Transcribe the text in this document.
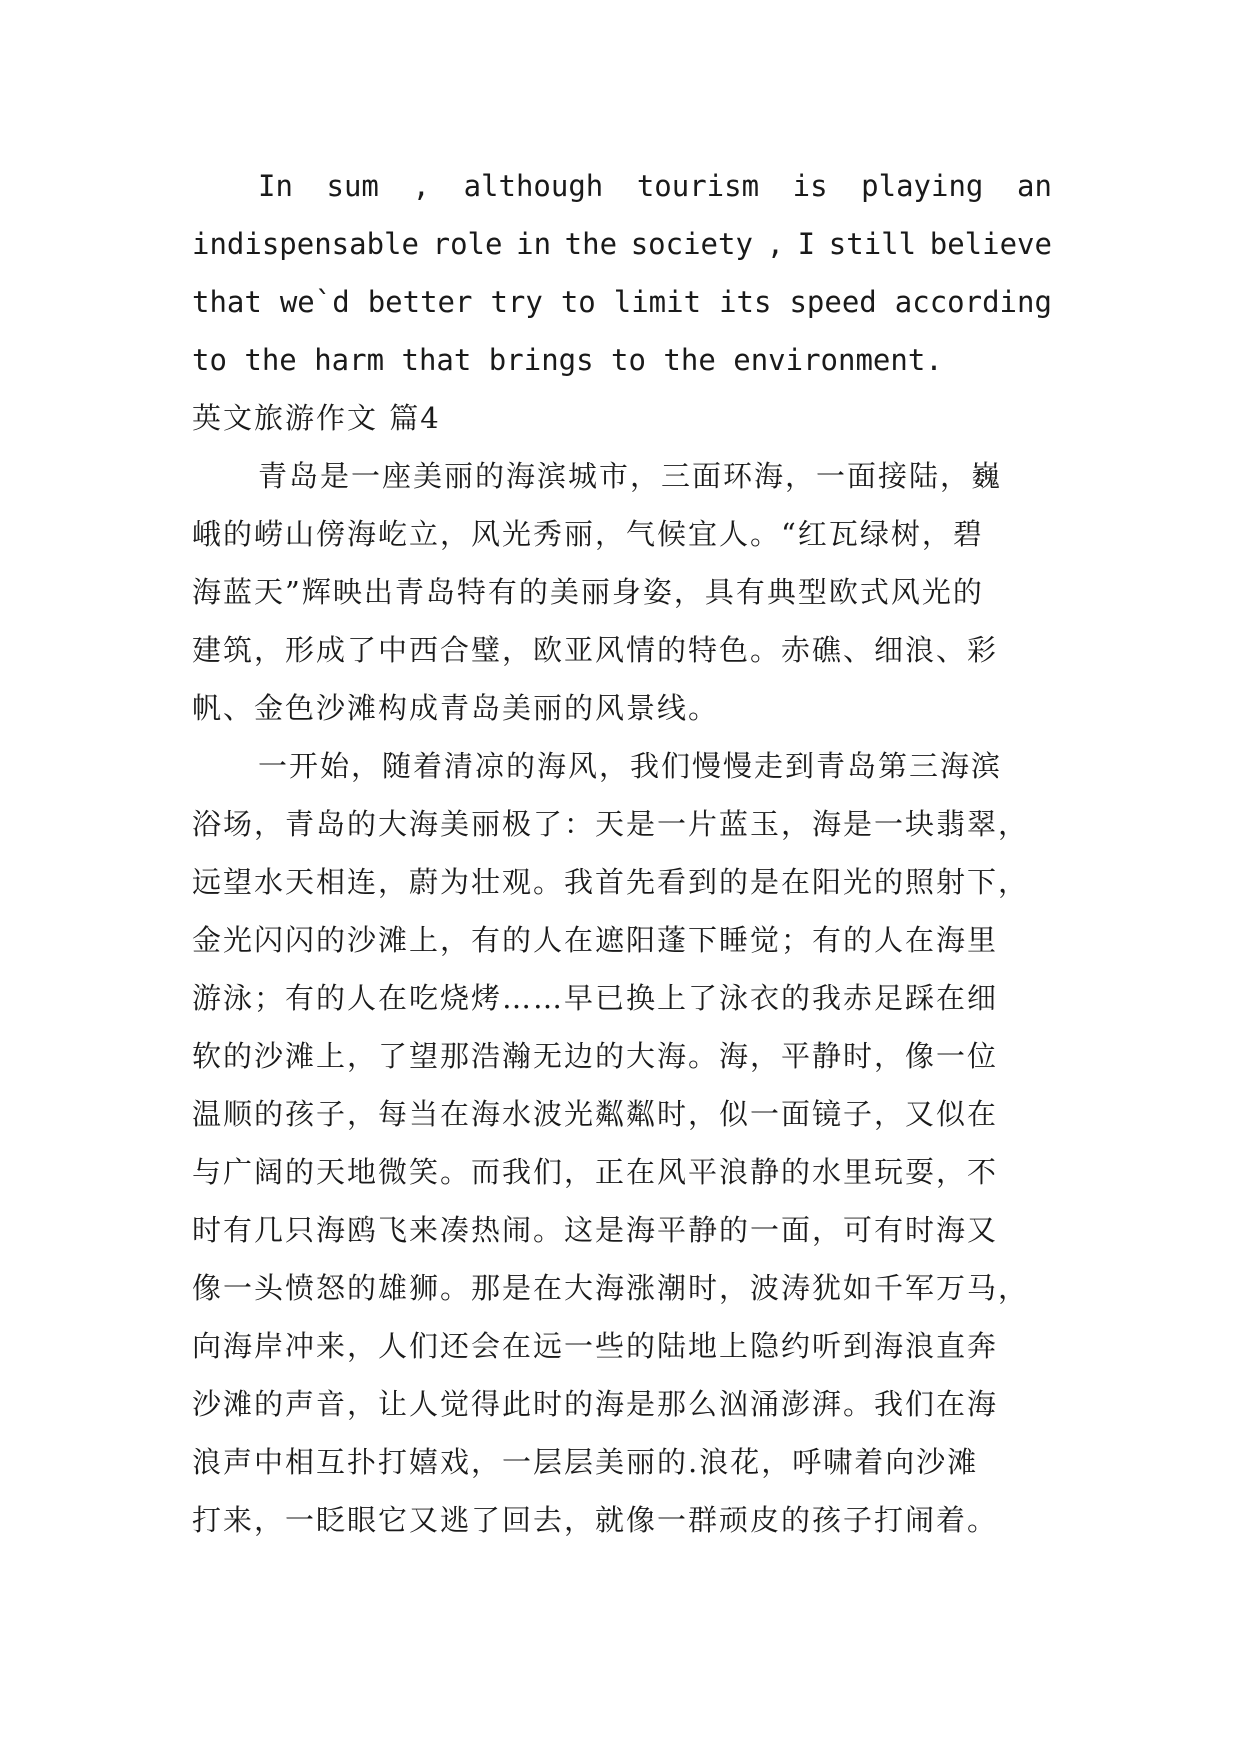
In sum , although tourism is playing an
indispensable role in the society , I still believe
that we`d better try to limit its speed according
to the harm that brings to the environment.
英文旅游作文 篇4
青岛是一座美丽的海滨城市，三面环海，一面接陆，巍
峨的崂山傍海屹立，风光秀丽，气候宜人。“红瓦绿树，碧
海蓝天”辉映出青岛特有的美丽身姿，具有典型欧式风光的
建筑，形成了中西合璧，欧亚风情的特色。赤礁、细浪、彩
帆、金色沙滩构成青岛美丽的风景线。
一开始，随着清凉的海风，我们慢慢走到青岛第三海滨
浴场，青岛的大海美丽极了：天是一片蓝玉，海是一块翡翠，
远望水天相连，蔚为壮观。我首先看到的是在阳光的照射下，
金光闪闪的沙滩上，有的人在遮阳蓬下睡觉；有的人在海里
游泳；有的人在吃烧烤……早已换上了泳衣的我赤足踩在细
软的沙滩上，了望那浩瀚无边的大海。海，平静时，像一位
温顺的孩子，每当在海水波光粼粼时，似一面镜子，又似在
与广阔的天地微笑。而我们，正在风平浪静的水里玩耍，不
时有几只海鸥飞来凑热闹。这是海平静的一面，可有时海又
像一头愤怒的雄狮。那是在大海涨潮时，波涛犹如千军万马，
向海岸冲来，人们还会在远一些的陆地上隐约听到海浪直奔
沙滩的声音，让人觉得此时的海是那么汹涌澎湃。我们在海
浪声中相互扑打嬉戏，一层层美丽的.浪花，呼啸着向沙滩
打来，一眨眼它又逃了回去，就像一群顽皮的孩子打闹着。
